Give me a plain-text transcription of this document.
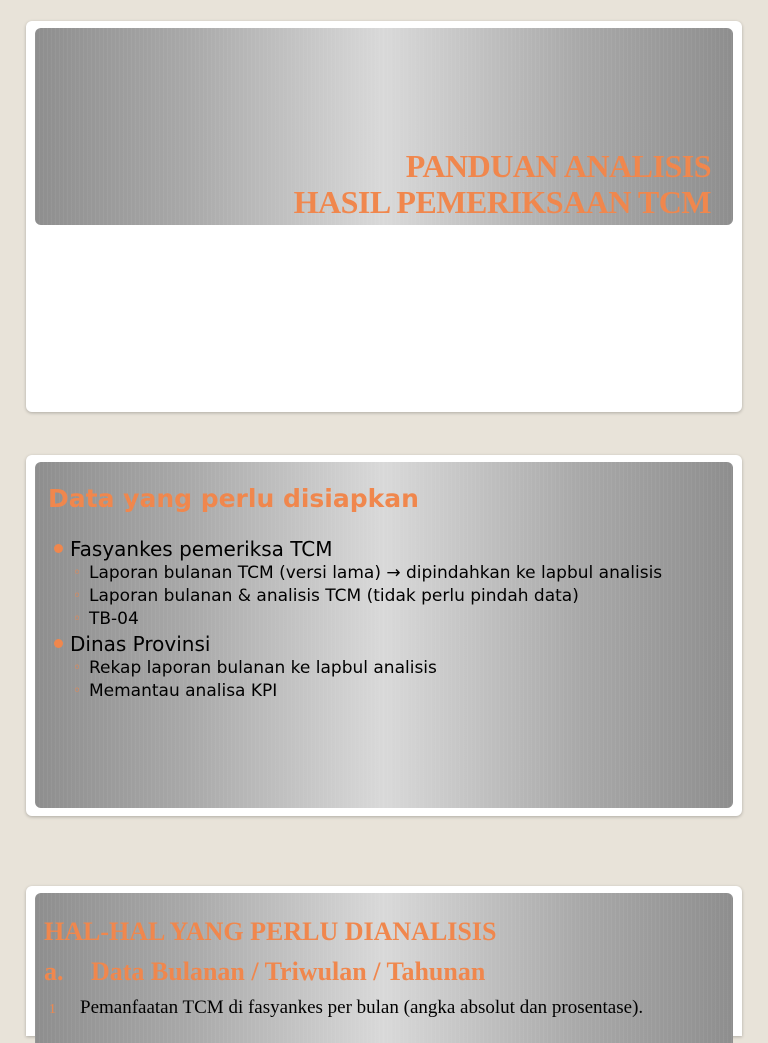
PANDUAN ANALISIS
HASIL PEMERIKSAAN TCM
Data yang perlu disiapkan
Fasyankes pemeriksa TCM
◦ Laporan bulanan TCM (versi lama) → dipindahkan ke lapbul analisis
◦ Laporan bulanan & analisis TCM (tidak perlu pindah data)
◦ TB-04
Dinas Provinsi
◦ Rekap laporan bulanan ke lapbul analisis
◦ Memantau analisa KPI
HAL-HAL YANG PERLU DIANALISIS
a. Data Bulanan / Triwulan / Tahunan
1 Pemanfaatan TCM di fasyankes per bulan (angka absolut dan prosentase).
